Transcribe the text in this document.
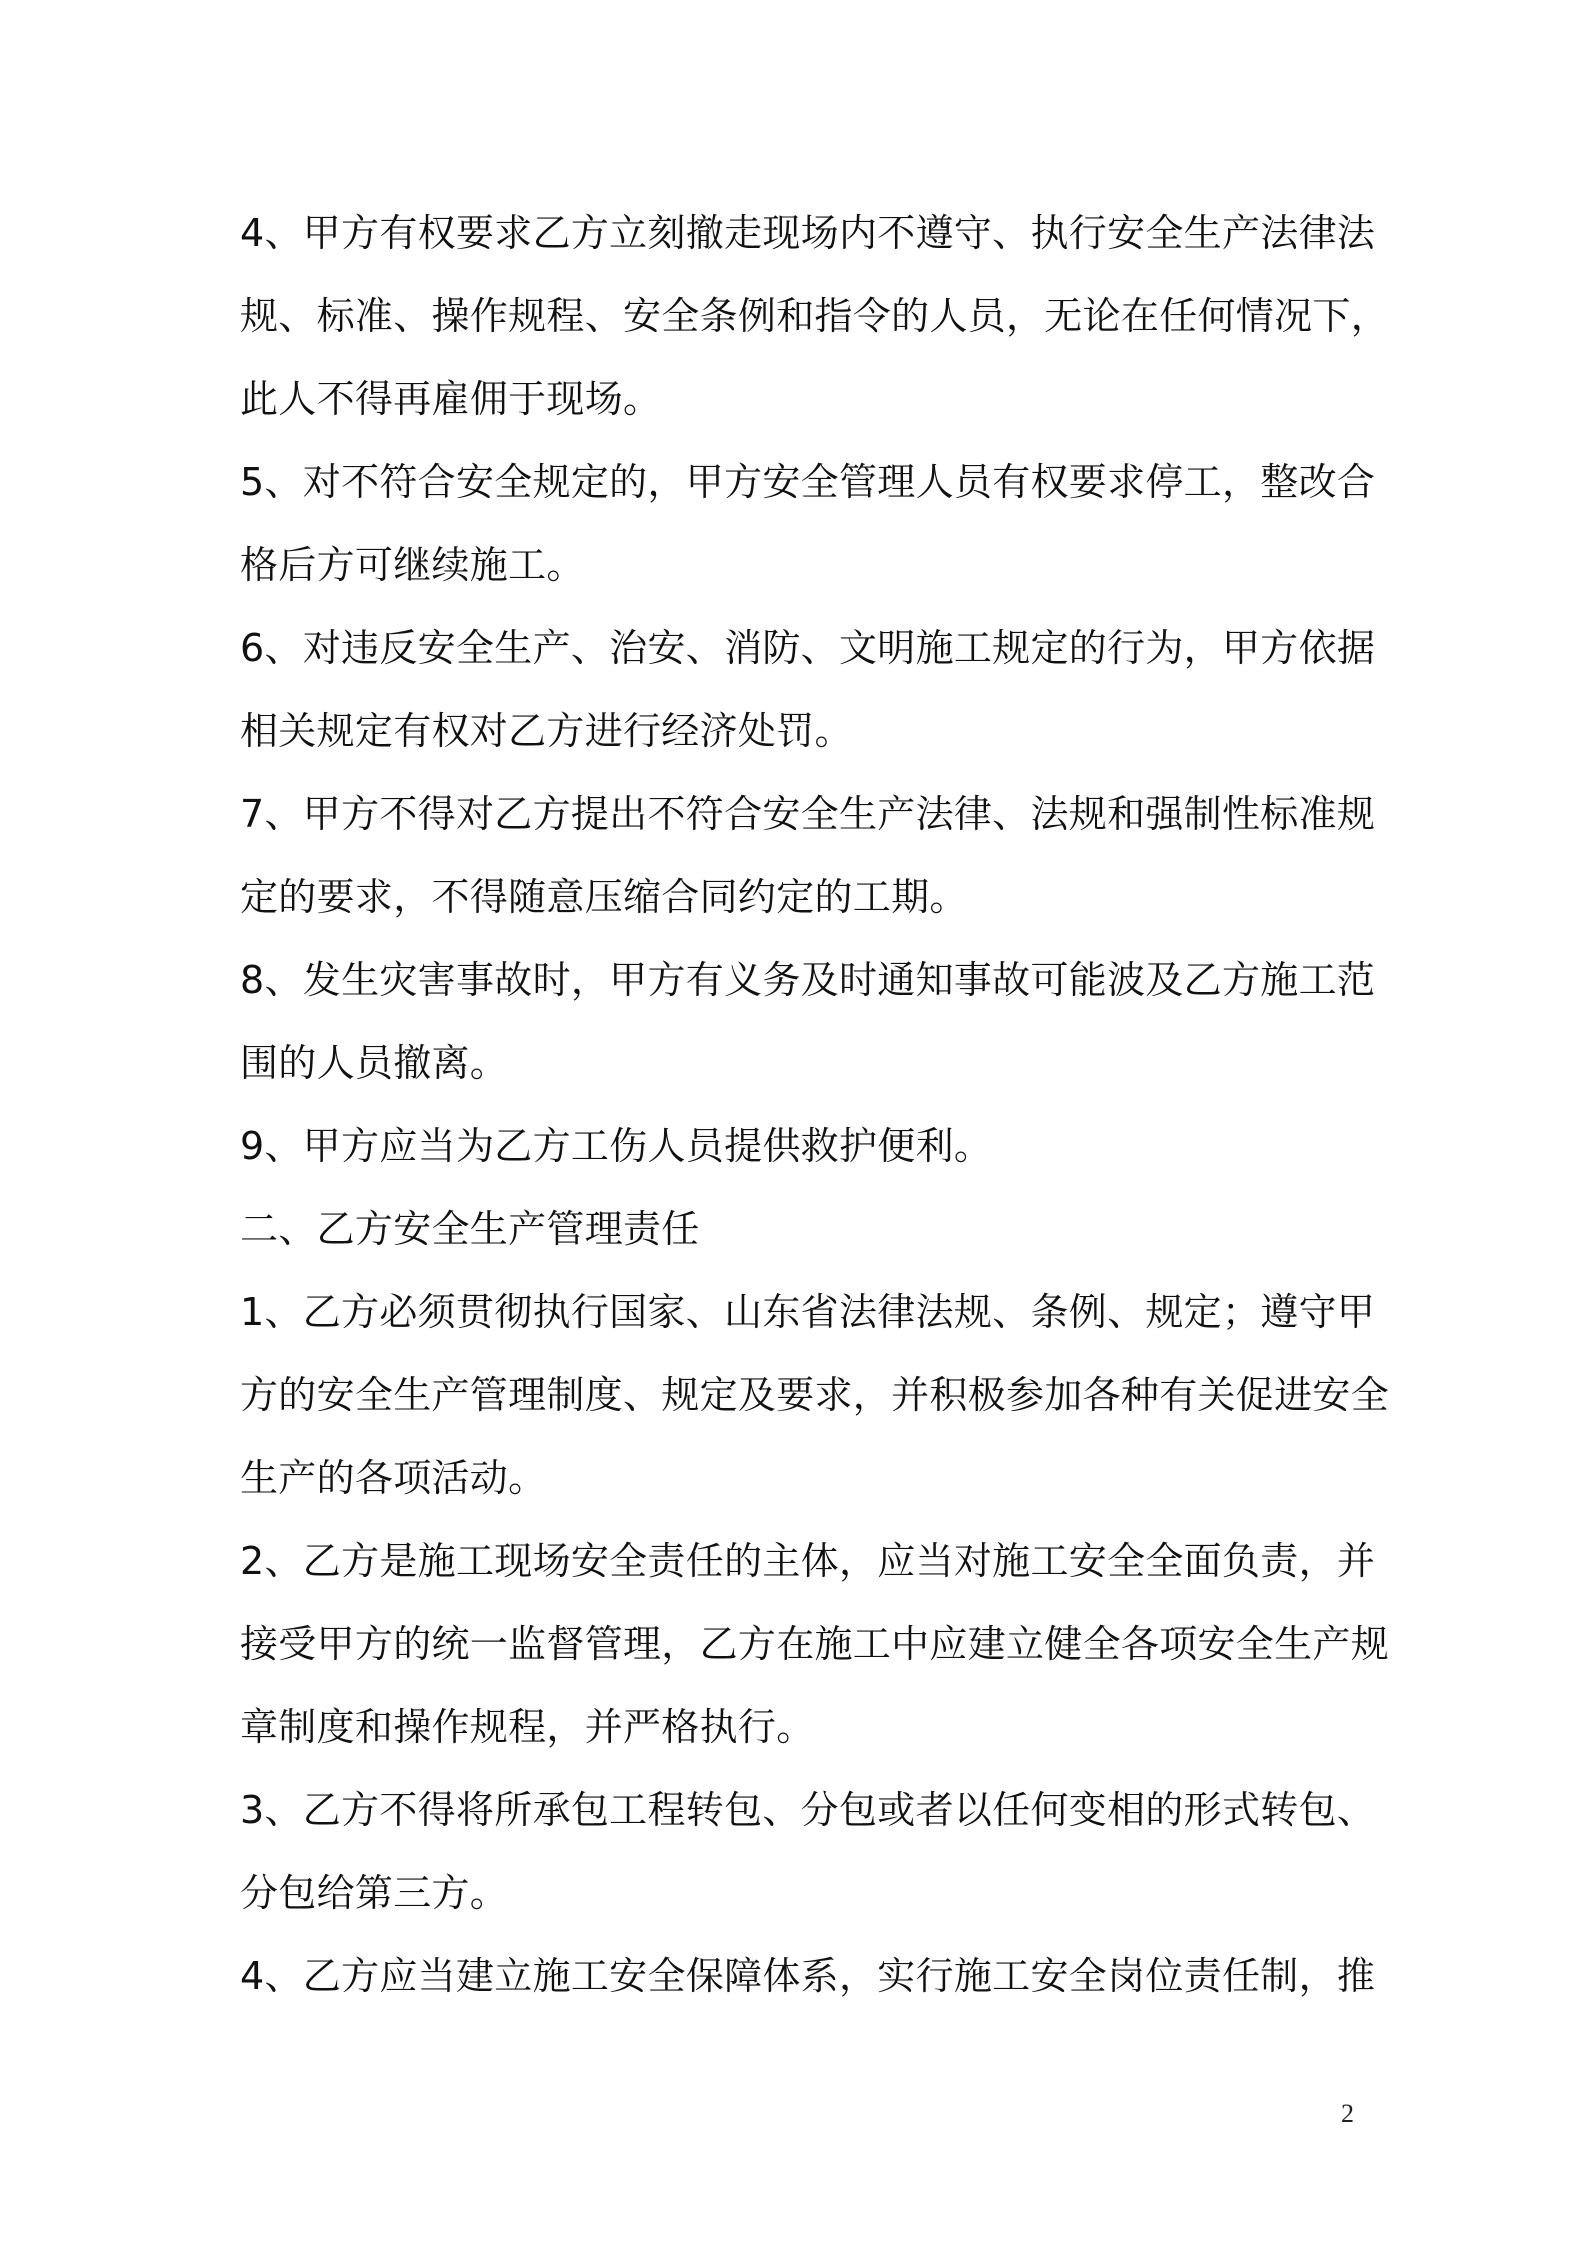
4、甲方有权要求乙方立刻撤走现场内不遵守、执行安全生产法律法
规、标准、操作规程、安全条例和指令的人员，无论在任何情况下，
此人不得再雇佣于现场。
5、对不符合安全规定的，甲方安全管理人员有权要求停工，整改合
格后方可继续施工。
6、对违反安全生产、治安、消防、文明施工规定的行为，甲方依据
相关规定有权对乙方进行经济处罚。
7、甲方不得对乙方提出不符合安全生产法律、法规和强制性标准规
定的要求，不得随意压缩合同约定的工期。
8、发生灾害事故时，甲方有义务及时通知事故可能波及乙方施工范
围的人员撤离。
9、甲方应当为乙方工伤人员提供救护便利。
二、乙方安全生产管理责任
1、乙方必须贯彻执行国家、山东省法律法规、条例、规定；遵守甲
方的安全生产管理制度、规定及要求，并积极参加各种有关促进安全
生产的各项活动。
2、乙方是施工现场安全责任的主体，应当对施工安全全面负责，并
接受甲方的统一监督管理，乙方在施工中应建立健全各项安全生产规
章制度和操作规程，并严格执行。
3、乙方不得将所承包工程转包、分包或者以任何变相的形式转包、
分包给第三方。
4、乙方应当建立施工安全保障体系，实行施工安全岗位责任制，推
2
